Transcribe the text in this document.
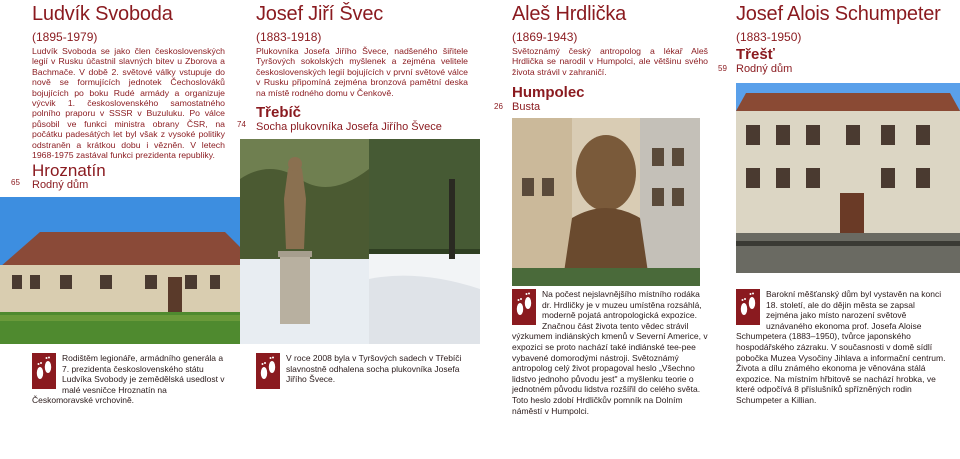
Ludvík Svoboda
(1895-1979)
Ludvík Svoboda se jako člen československých legií v Rusku účastnil slavných bitev u Zborova a Bachmače. V době 2. světové války vstupuje do nově se formujících jednotek Čechoslováků bojujících po boku Rudé armády a organizuje výcvik 1. československého samostatného polního praporu v SSSR v Buzuluku. Po válce působil ve funkci ministra obrany ČSR, na počátku padesátých let byl však z vysoké politiky odstraněn a krátkou dobu i vězněn. V letech 1968-1975 zastával funkci prezidenta republiky.
65
Hroznatín
Rodný dům
Rodištěm legionáře, armádního generála a 7. prezidenta československého státu Ludvíka Svobody je zemědělská usedlost v malé vesničce Hroznatín na Českomoravské vrchovině.
Josef Jiří Švec
(1883-1918)
Plukovníka Josefa Jiřího Švece, nadšeného šiřitele Tyršových sokolských myšlenek a zejména velitele československých legií bojujících v první světové válce v Rusku připomíná zejména bronzová pamětní deska na místě rodného domu v Čenkově.
74
Třebíč
Socha plukovníka Josefa Jiřího Švece
V roce 2008 byla v Tyršových sadech v Třebíči slavnostně odhalena socha plukovníka Josefa Jiřího Švece.
Aleš Hrdlička
(1869-1943)
Světoznámý český antropolog a lékař Aleš Hrdlička se narodil v Humpolci, ale většinu svého života strávil v zahraničí.
26
Humpolec
Busta
Na počest nejslavnějšího místního rodáka dr. Hrdličky je v muzeu umístěna rozsáhlá, moderně pojatá antropologická expozice. Značnou část života tento vědec strávil výzkumem indiánských kmenů v Severní Americe, v expozici se proto nachází také indiánské tee-pee vybavené domorodými nástroji. Světoznámý antropolog celý život propagoval heslo „Všechno lidstvo jednoho původu jest" a myšlenku teorie o jednotném původu lidstva rozšířil do celého světa. Toto heslo zdobí Hrdličkův pomník na Dolním náměstí v Humpolci.
Josef Alois Schumpeter
(1883-1950)
59
Třešť
Rodný dům
Barokní měšťanský dům byl vystavěn na konci 18. století, ale do dějin města se zapsal zejména jako místo narození světově uznávaného ekonoma prof. Josefa Aloise Schumpetera (1883–1950), tvůrce japonského hospodářského zázraku. V současnosti v domě sídlí pobočka Muzea Vysočiny Jihlava a informační centrum. Života a dílu známého ekonoma je věnována stálá expozice. Na místním hřbitově se nachází hrobka, ve které odpočívá 8 příslušníků spřízněných rodin Schumpeter a Killian.
